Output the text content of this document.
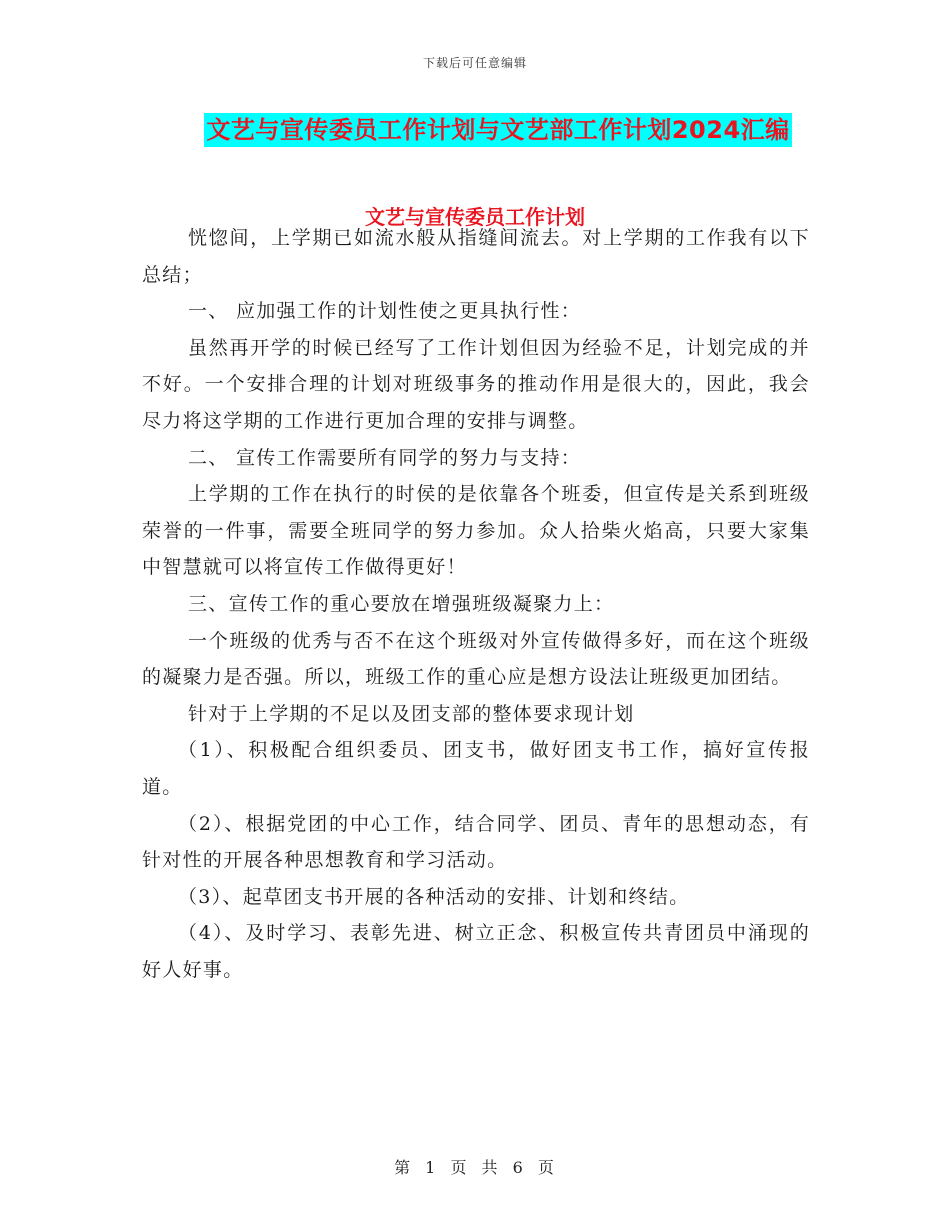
下载后可任意编辑
文艺与宣传委员工作计划与文艺部工作计划2024汇编
文艺与宣传委员工作计划

恍惚间，上学期已如流水般从指缝间流去。对上学期的工作我有以下总结；

一、 应加强工作的计划性使之更具执行性：

虽然再开学的时候已经写了工作计划但因为经验不足，计划完成的并不好。一个安排合理的计划对班级事务的推动作用是很大的，因此，我会尽力将这学期的工作进行更加合理的安排与调整。

二、 宣传工作需要所有同学的努力与支持：

上学期的工作在执行的时侯的是依靠各个班委，但宣传是关系到班级荣誉的一件事，需要全班同学的努力参加。众人拾柴火焰高，只要大家集中智慧就可以将宣传工作做得更好！

三、宣传工作的重心要放在增强班级凝聚力上：

一个班级的优秀与否不在这个班级对外宣传做得多好，而在这个班级的凝聚力是否强。所以，班级工作的重心应是想方设法让班级更加团结。

针对于上学期的不足以及团支部的整体要求现计划

（1）、积极配合组织委员、团支书，做好团支书工作，搞好宣传报道。

（2）、根据党团的中心工作，结合同学、团员、青年的思想动态，有针对性的开展各种思想教育和学习活动。

（3）、起草团支书开展的各种活动的安排、计划和终结。

（4）、及时学习、表彰先进、树立正念、积极宣传共青团员中涌现的好人好事。

第 1 页 共 6 页
